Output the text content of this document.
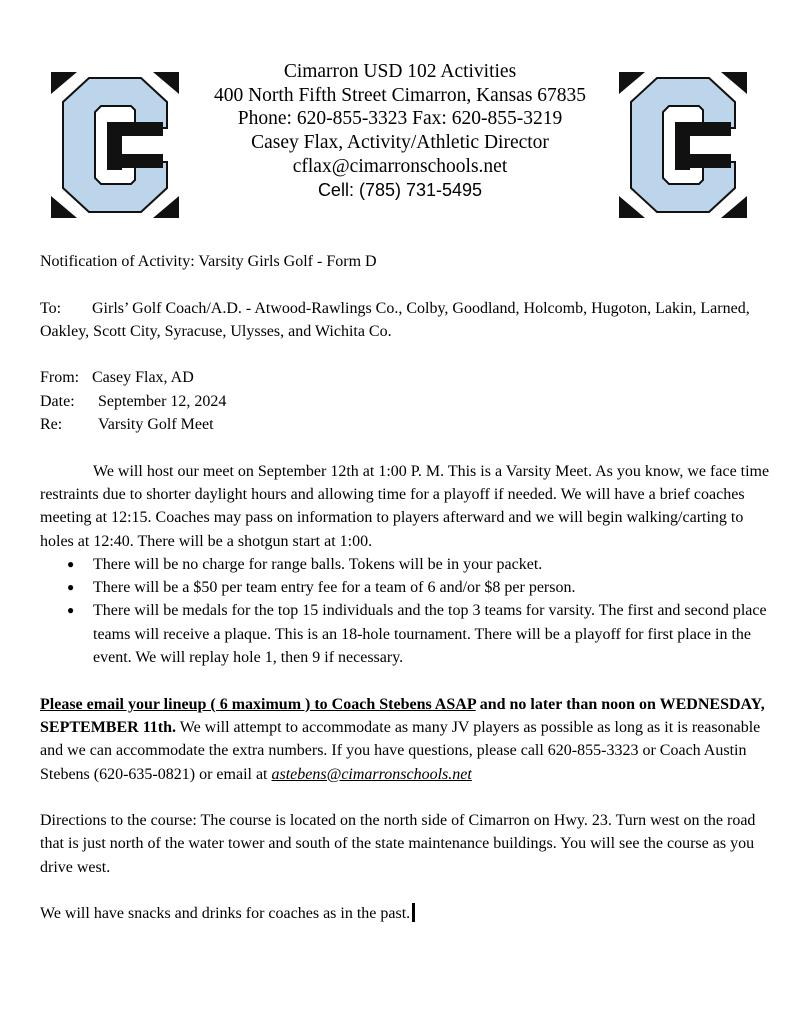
Cimarron USD 102 Activities
400 North Fifth Street Cimarron, Kansas 67835
Phone: 620-855-3323 Fax: 620-855-3219
Casey Flax, Activity/Athletic Director
cflax@cimarronschools.net
Cell: (785) 731-5495

Notification of Activity: Varsity Girls Golf - Form D

To: Girls’ Golf Coach/A.D. - Atwood-Rawlings Co., Colby, Goodland, Holcomb, Hugoton, Lakin, Larned, Oakley, Scott City, Syracuse, Ulysses, and Wichita Co.

From: Casey Flax, AD

Date: September 12, 2024

Re: Varsity Golf Meet

We will host our meet on September 12th at 1:00 P. M. This is a Varsity Meet. As you know, we face time restraints due to shorter daylight hours and allowing time for a playoff if needed. We will have a brief coaches meeting at 12:15. Coaches may pass on information to players afterward and we will begin walking/carting to holes at 12:40. There will be a shotgun start at 1:00.

● There will be no charge for range balls. Tokens will be in your packet.
● There will be a $50 per team entry fee for a team of 6 and/or $8 per person.
● There will be medals for the top 15 individuals and the top 3 teams for varsity. The first and second place teams will receive a plaque. This is an 18-hole tournament. There will be a playoff for first place in the event. We will replay hole 1, then 9 if necessary.

Please email your lineup ( 6 maximum ) to Coach Stebens ASAP and no later than noon on WEDNESDAY, SEPTEMBER 11th. We will attempt to accommodate as many JV players as possible as long as it is reasonable and we can accommodate the extra numbers. If you have questions, please call 620-855-3323 or Coach Austin Stebens (620-635-0821) or email at astebens@cimarronschools.net

Directions to the course: The course is located on the north side of Cimarron on Hwy. 23. Turn west on the road that is just north of the water tower and south of the state maintenance buildings. You will see the course as you drive west.

We will have snacks and drinks for coaches as in the past.
